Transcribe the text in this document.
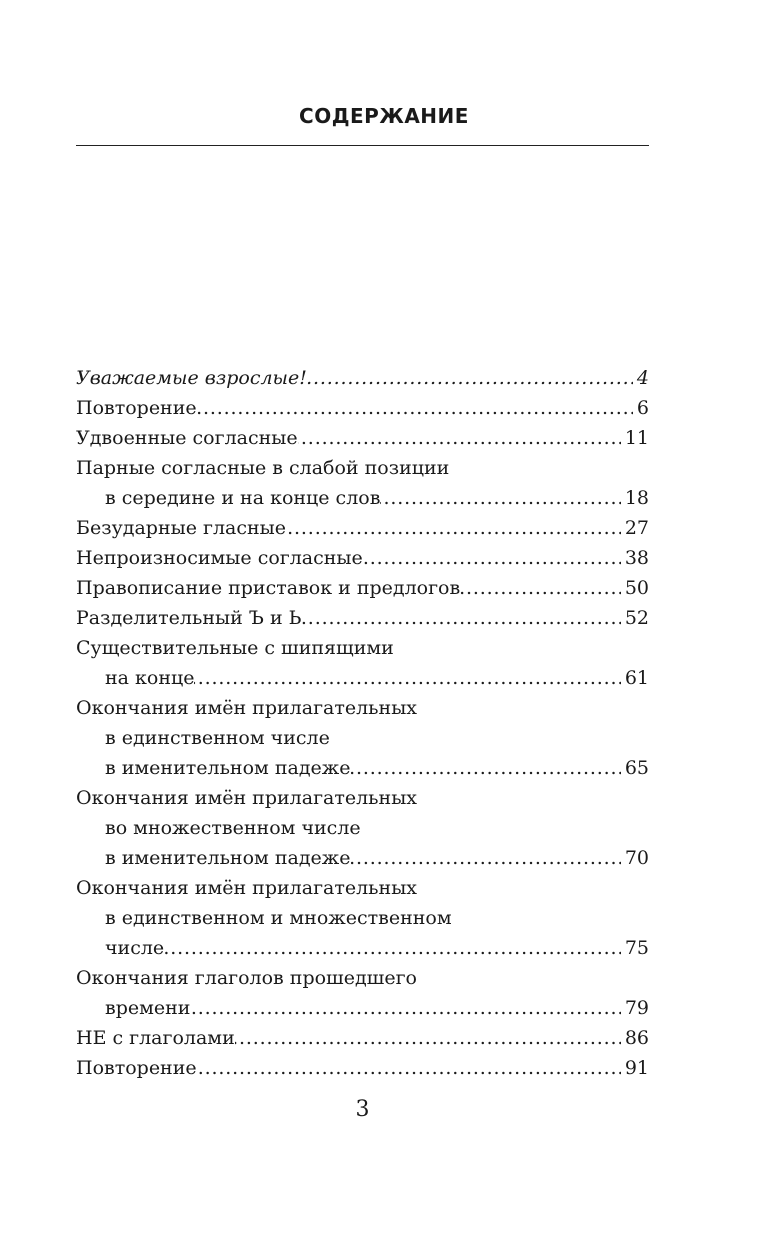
СОДЕРЖАНИЕ
Уважаемые взрослые! . . .	4
Повторение . . .	6
Удвоенные согласные . . .	11
Парные согласные в слабой позиции
в середине и на конце слов . . .	18
Безударные гласные . . .	27
Непроизносимые согласные . . .	38
Правописание приставок и предлогов . . .	50
Разделительный Ъ и Ь . . .	52
Существительные с шипящими
на конце . . .	61
Окончания имён прилагательных
в единственном числе
в именительном падеже . . .	65
Окончания имён прилагательных
во множественном числе
в именительном падеже . . .	70
Окончания имён прилагательных
в единственном и множественном
числе . . .	75
Окончания глаголов прошедшего
времени . . .	79
НЕ с глаголами . . .	86
Повторение . . .	91
3
